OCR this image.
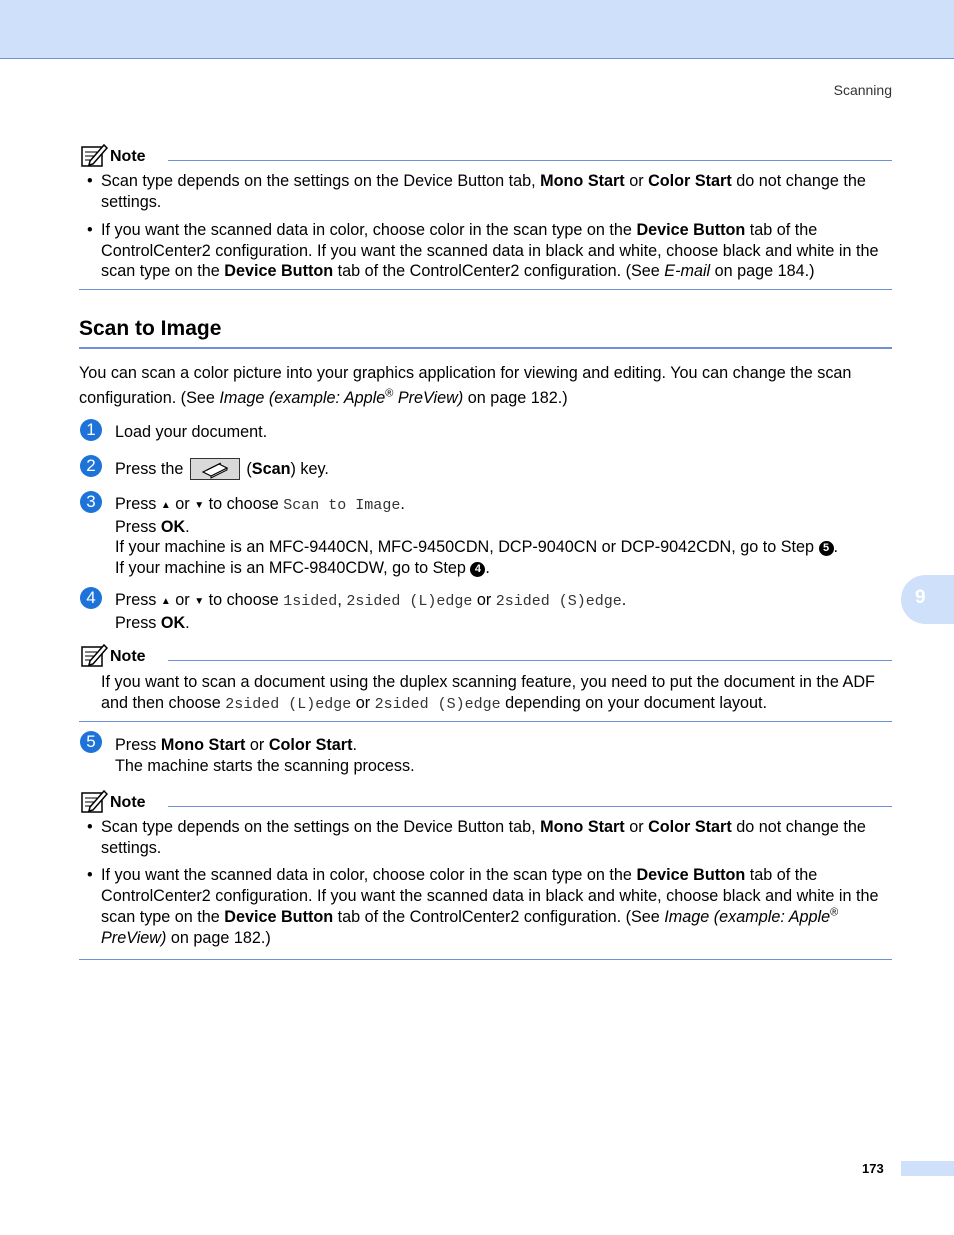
Scanning
Note
• Scan type depends on the settings on the Device Button tab, Mono Start or Color Start do not change the settings.
• If you want the scanned data in color, choose color in the scan type on the Device Button tab of the ControlCenter2 configuration. If you want the scanned data in black and white, choose black and white in the scan type on the Device Button tab of the ControlCenter2 configuration. (See E-mail on page 184.)
Scan to Image
You can scan a color picture into your graphics application for viewing and editing. You can change the scan configuration. (See Image (example: Apple® PreView) on page 182.)
1	Load your document.
2	Press the	(Scan) key.
3	Press ▲ or ▼ to choose Scan to Image.
Press OK.
If your machine is an MFC-9440CN, MFC-9450CDN, DCP-9040CN or DCP-9042CDN, go to Step 5 .
If your machine is an MFC-9840CDW, go to Step 4 .
4	Press ▲ or ▼ to choose 1sided, 2sided (L)edge or 2sided (S)edge.
Press OK.
Note
If you want to scan a document using the duplex scanning feature, you need to put the document in the ADF and then choose 2sided (L)edge or 2sided (S)edge depending on your document layout.
5	Press Mono Start or Color Start.
The machine starts the scanning process.
Note
• Scan type depends on the settings on the Device Button tab, Mono Start or Color Start do not change the settings.
• If you want the scanned data in color, choose color in the scan type on the Device Button tab of the ControlCenter2 configuration. If you want the scanned data in black and white, choose black and white in the scan type on the Device Button tab of the ControlCenter2 configuration. (See Image (example: Apple® PreView) on page 182.)
9
173
